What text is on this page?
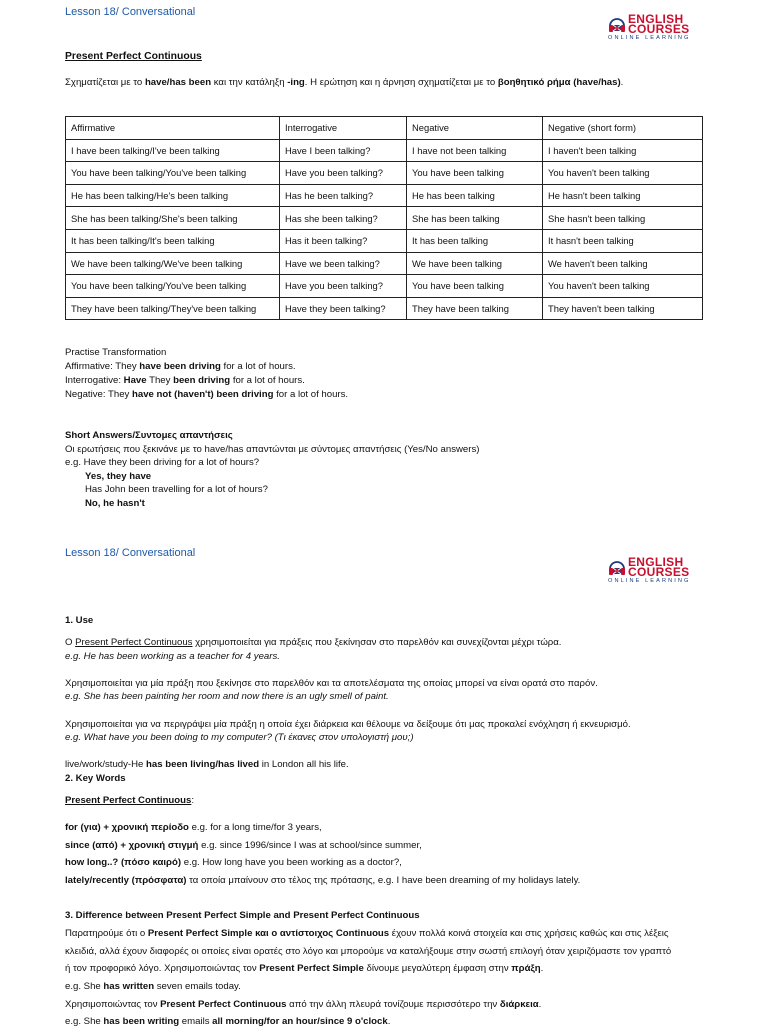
Lesson 18/ Conversational	ENGLISH
COURSES
ONLINE LEARNING
Present Perfect Continuous
Σχηματίζεται με το have/has been και την κατάληξη -ing. Η ερώτηση και η άρνηση σχηματίζεται με το βοηθητικό ρήμα (have/has).
Affirmative	Interrogative	Negative	Negative (short form)
I have been talking/I've been talking	Have I been talking?	I have not been talking	I haven't been talking
You have been talking/You've been talking	Have you been talking?	You have been talking	You haven't been talking
He has been talking/He's been talking	Has he been talking?	He has been talking	He hasn't been talking
She has been talking/She's been talking	Has she been talking?	She has been talking	She hasn't been talking
It has been talking/It's been talking	Has it been talking?	It has been talking	It hasn't been talking
We have been talking/We've been talking	Have we been talking?	We have been talking	We haven't been talking
You have been talking/You've been talking	Have you been talking?	You have been talking	You haven't been talking
They have been talking/They've been talking	Have they been talking?	They have been talking	They haven't been talking
Practise Transformation
Affirmative: They have been driving for a lot of hours.
Interrogative: Have They been driving for a lot of hours.
Negative: They have not (haven't) been driving for a lot of hours.
Short Answers/Συντομες απαντήσεις
Οι ερωτήσεις που ξεκινάνε με το have/has απαντώνται με σύντομες απαντήσεις (Yes/No answers)
e.g. Have they been driving for a lot of hours?
Yes, they have
Has John been travelling for a lot of hours?
No, he hasn't
Lesson 18/ Conversational
ENGLISH
COURSES
ONLINE LEARNING
1. Use
O Present Perfect Continuous χρησιμοποιείται για πράξεις που ξεκίνησαν στο παρελθόν και συνεχίζονται μέχρι τώρα.
e.g. He has been working as a teacher for 4 years.
Χρησιμοποιείται για μία πράξη που ξεκίνησε στο παρελθόν και τα αποτελέσματα της οποίας μπορεί να είναι ορατά στο παρόν.
e.g. She has been painting her room and now there is an ugly smell of paint.
Χρησιμοποιείται για να περιγράψει μία πράξη η οποία έχει διάρκεια και θέλουμε να δείξουμε ότι μας προκαλεί ενόχληση ή εκνευρισμό.
e.g. What have you been doing to my computer? (Τι έκανες στον υπολογιστή μου;)
live/work/study-He has been living/has lived in London all his life.
2. Key Words
Present Perfect Continuous:
for (για) + χρονική περίοδο e.g. for a long time/for 3 years,
since (από) + χρονική στιγμή e.g. since 1996/since I was at school/since summer,
how long..? (πόσο καιρό) e.g. How long have you been working as a doctor?,
lately/recently (πρόσφατα) τα οποία μπαίνουν στο τέλος της πρότασης, e.g. I have been dreaming of my holidays lately.
3. Difference between Present Perfect Simple and Present Perfect Continuous
Παρατηρούμε ότι ο Present Perfect Simple και ο αντίστοιχος Continuous έχουν πολλά κοινά στοιχεία και στις χρήσεις καθώς και στις λέξεις
κλειδιά, αλλά έχουν διαφορές οι οποίες είναι ορατές στο λόγο και μπορούμε να καταλήξουμε στην σωστή επιλογή όταν χειριζόμαστε τον γραπτό
ή τον προφορικό λόγο. Χρησιμοποιώντας τον Present Perfect Simple δίνουμε μεγαλύτερη έμφαση στην πράξη.
e.g. She has written seven emails today.
Χρησιμοποιώντας τον Present Perfect Continuous από την άλλη πλευρά τονίζουμε περισσότερο την διάρκεια.
e.g. She has been writing emails all morning/for an hour/since 9 o'clock.
